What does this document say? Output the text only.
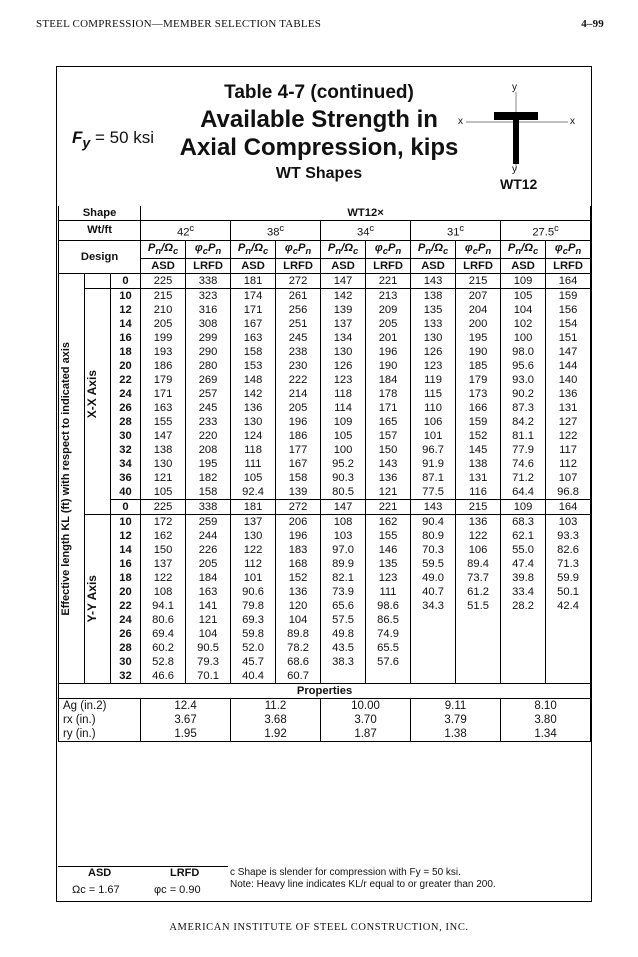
STEEL COMPRESSION—MEMBER SELECTION TABLES	4–99
$F_y = 50$ ksi
Table 4-7 (continued)
Available Strength in
Axial Compression, kips
WT Shapes
y
x	x
y
WT12
Shape			WT12×									
Wt/ft			42$^c$		38$^c$		34$^c$		31$^c$		27.5$^c$
Design			$P_n/\Omega_c$	$\varphi_cP_n$	$P_n/\Omega_c$	$\varphi_cP_n$	$P_n/\Omega_c$	$\varphi_cP_n$	$P_n/\Omega_c$	$\varphi_cP_n$	$P_n/\Omega_c$	$\varphi_cP_n$
			ASD	LRFD	ASD	LRFD	ASD	LRFD	ASD	LRFD	ASD	LRFD

Effective length KL (ft) with respect to indicated axis		0	225	338	181	272	147	221	143	215	109	164

	X-X Axis	10	215	323	174	261	142	213	138	207	105	159
		12	210	316	171	256	139	209	135	204	104	156
		14	205	308	167	251	137	205	133	200	102	154
		16	199	299	163	245	134	201	130	195	100	151
		18	193	290	158	238	130	196	126	190	98.0	147
		20	186	280	153	230	126	190	123	185	95.6	144
		22	179	269	148	222	123	184	119	179	93.0	140
		24	171	257	142	214	118	178	115	173	90.2	136
		26	163	245	136	205	114	171	110	166	87.3	131
		28	155	233	130	196	109	165	106	159	84.2	127
		30	147	220	124	186	105	157	101	152	81.1	122
		32	138	208	118	177	100	150	96.7	145	77.9	117
		34	130	195	111	167	95.2	143	91.9	138	74.6	112
		36	121	182	105	158	90.3	136	87.1	131	71.2	107
		40	105	158	92.4	139	80.5	121	77.5	116	64.4	96.8
		0	225	338	181	272	147	221	143	215	109	164

	Y-Y Axis	10	172	259	137	206	108	162	90.4	136	68.3	103
		12	162	244	130	196	103	155	80.9	122	62.1	93.3
		14	150	226	122	183	97.0	146	70.3	106	55.0	82.6
		16	137	205	112	168	89.9	135	59.5	89.4	47.4	71.3
		18	122	184	101	152	82.1	123	49.0	73.7	39.8	59.9
		20	108	163	90.6	136	73.9	111	40.7	61.2	33.4	50.1
		22	94.1	141	79.8	120	65.6	98.6	34.3	51.5	28.2	42.4
		24	80.6	121	69.3	104	57.5	86.5				
		26	69.4	104	59.8	89.8	49.8	74.9				
		28	60.2	90.5	52.0	78.2	43.5	65.5				
		30	52.8	79.3	45.7	68.6	38.3	57.6				
		32	46.6	70.1	40.4	60.7						
Properties												
Ag (in.2)			12.4		11.2		10.00		9.11		8.10	
rx (in.)			3.67		3.68		3.70		3.79		3.80	
ry (in.)			1.95		1.92		1.87		1.38		1.34	
ASD	LRFD
Ωc = 1.67	φc = 0.90
c Shape is slender for compression with Fy = 50 ksi.
Note: Heavy line indicates KL/r equal to or greater than 200.
AMERICAN INSTITUTE OF STEEL CONSTRUCTION, INC.
